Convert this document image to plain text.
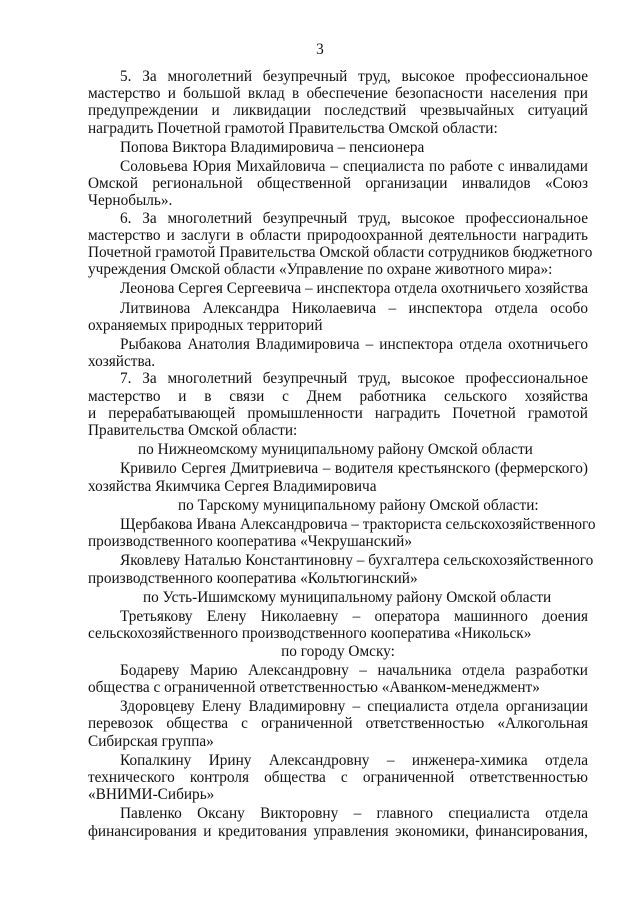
3
5. За многолетний безупречный труд, высокое профессиональное
мастерство и большой вклад в обеспечение безопасности населения при
предупреждении и ликвидации последствий чрезвычайных ситуаций
наградить Почетной грамотой Правительства Омской области:
Попова Виктора Владимировича – пенсионера
Соловьева Юрия Михайловича – специалиста по работе с инвалидами
Омской региональной общественной организации инвалидов «Союз
Чернобыль».
6. За многолетний безупречный труд, высокое профессиональное
мастерство и заслуги в области природоохранной деятельности наградить
Почетной грамотой Правительства Омской области сотрудников бюджетного
учреждения Омской области «Управление по охране животного мира»:
Леонова Сергея Сергеевича – инспектора отдела охотничьего хозяйства
Литвинова Александра Николаевича – инспектора отдела особо
охраняемых природных территорий
Рыбакова Анатолия Владимировича – инспектора отдела охотничьего
хозяйства.
7. За многолетний безупречный труд, высокое профессиональное
мастерство и в связи с Днем работника сельского хозяйства
и перерабатывающей промышленности наградить Почетной грамотой
Правительства Омской области:
по Нижнеомскому муниципальному району Омской области
Кривило Сергея Дмитриевича – водителя крестьянского (фермерского)
хозяйства Якимчика Сергея Владимировича
по Тарскому муниципальному району Омской области:
Щербакова Ивана Александровича – тракториста сельскохозяйственного
производственного кооператива «Чекрушанский»
Яковлеву Наталью Константиновну – бухгалтера сельскохозяйственного
производственного кооператива «Кольтюгинский»
по Усть-Ишимскому муниципальному району Омской области
Третьякову Елену Николаевну – оператора машинного доения
сельскохозяйственного производственного кооператива «Никольск»
по городу Омску:
Бодареву Марию Александровну – начальника отдела разработки
общества с ограниченной ответственностью «Аванком-менеджмент»
Здоровцеву Елену Владимировну – специалиста отдела организации
перевозок общества с ограниченной ответственностью «Алкогольная
Сибирская группа»
Копалкину Ирину Александровну – инженера-химика отдела
технического контроля общества с ограниченной ответственностью
«ВНИМИ-Сибирь»
Павленко Оксану Викторовну – главного специалиста отдела
финансирования и кредитования управления экономики, финансирования,
